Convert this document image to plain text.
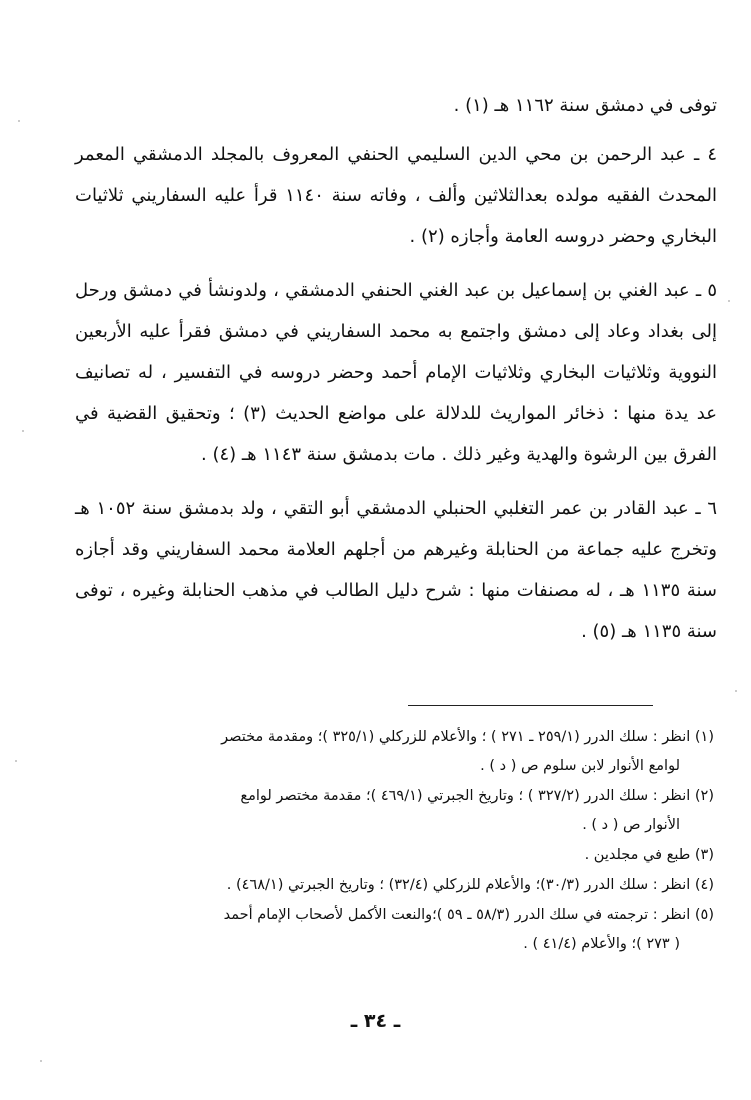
توفى في دمشق سنة ١١٦٢ هـ (١) .

٤ ـ عبد الرحمن بن محي الدين السليمي الحنفي المعروف بالمجلد الدمشقي المعمر المحدث الفقيه مولده بعدالثلاثين وألف ، وفاته سنة ١١٤٠ قرأ عليه السفاريني ثلاثيات البخاري وحضر دروسه العامة وأجازه (٢) .

٥ ـ عبد الغني بن إسماعيل بن عبد الغني الحنفي الدمشقي ، ولدونشأ في دمشق ورحل إلى بغداد وعاد إلى دمشق واجتمع به محمد السفاريني في دمشق فقرأ عليه الأربعين النووية وثلاثيات البخاري وثلاثيات الإمام أحمد وحضر دروسه في التفسير ، له تصانيف عد يدة منها : ذخائر المواريث للدلالة على مواضع الحديث (٣) ؛ وتحقيق القضية في الفرق بين الرشوة والهدية وغير ذلك . مات بدمشق سنة ١١٤٣ هـ (٤) .

٦ ـ عبد القادر بن عمر التغلبي الحنبلي الدمشقي أبو التقي ، ولد بدمشق سنة ١٠٥٢ هـ وتخرج عليه جماعة من الحنابلة وغيرهم من أجلهم العلامة محمد السفاريني وقد أجازه سنة ١١٣٥ هـ ، له مصنفات منها : شرح دليل الطالب في مذهب الحنابلة وغيره ، توفى سنة ١١٣٥ هـ (٥) .

(١) انظر : سلك الدرر (٢٥٩/١ ـ ٢٧١ ) ؛ والأعلام للزركلي (٣٢٥/١ )؛ ومقدمة مختصر
لوامع الأنوار لابن سلوم ص ( د ) .
(٢) انظر : سلك الدرر (٣٢٧/٢ ) ؛ وتاريخ الجبرتي (٤٦٩/١ )؛ مقدمة مختصر لوامع
الأنوار ص ( د ) .
(٣) طبع في مجلدين .
(٤) انظر : سلك الدرر (٣٠/٣)؛ والأعلام للزركلي (٣٢/٤) ؛ وتاريخ الجبرتي (٤٦٨/١) .
(٥) انظر : ترجمته في سلك الدرر (٥٨/٣ ـ ٥٩ )؛والنعت الأكمل لأصحاب الإمام أحمد
( ٢٧٣ )؛ والأعلام (٤١/٤ ) .
ـ ٣٤ ـ
